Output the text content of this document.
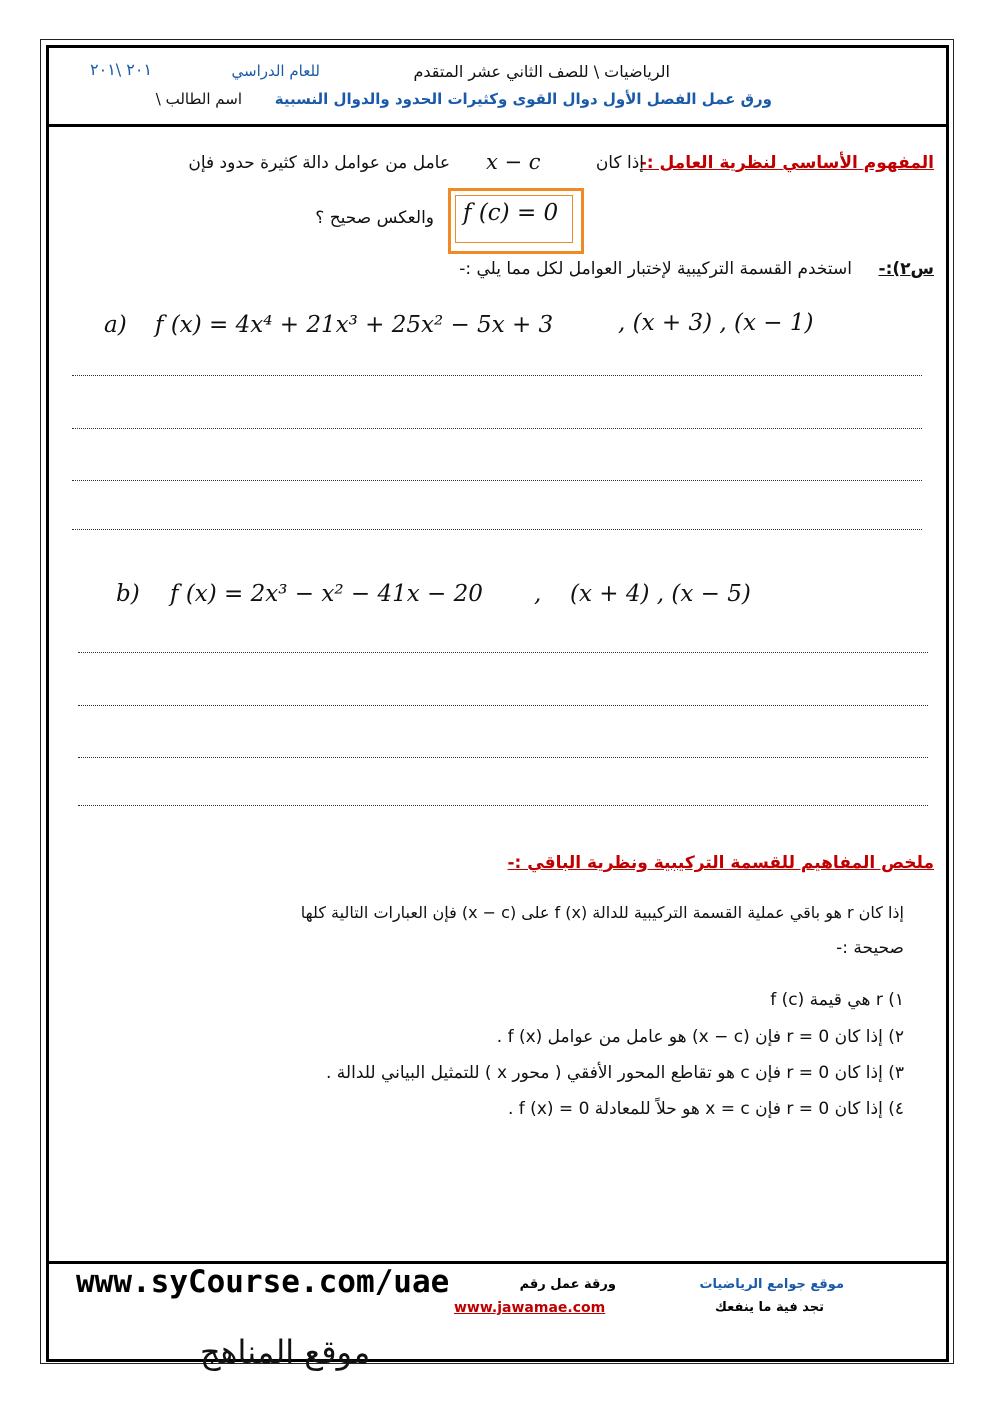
الرياضيات \ للصف الثاني عشر المتقدم
للعام الدراسي
٢٠١ \٢٠١
ورق عمل الفصل الأول دوال القوى وكثيرات الحدود والدوال النسبية
اسم الطالب \
المفهوم الأساسي لنظرية العامل :-
إذا كان
x − c
عامل من عوامل دالة كثيرة حدود فإن
f (c) = 0
والعكس صحيح ؟
س٢):-
استخدم القسمة التركيبية لإختبار العوامل لكل مما يلي :-
a) f (x) = 4x⁴ + 21x³ + 25x² − 5x + 3	, (x + 3) , (x − 1)
b) f (x) = 2x³ − x² − 41x − 20 , (x + 4) , (x − 5)
ملخص المفاهيم للقسمة التركيبية ونظرية الباقي :-
إذا كان r هو باقي عملية القسمة التركيبية للدالة f (x) على (x − c) فإن العبارات التالية كلها
صحيحة :-
١) r هي قيمة f (c)
٢) إذا كان r = 0 فإن (x − c) هو عامل من عوامل f (x) .
٣) إذا كان r = 0 فإن c هو تقاطع المحور الأفقي ( محور x ) للتمثيل البياني للدالة .
٤) إذا كان r = 0 فإن x = c هو حلاً للمعادلة f (x) = 0 .
www.syCourse.com/uae	ورقة عمل رقم	موقع جوامع الرياضيات
www.jawamae.com	تجد فية ما ينفعك
موقع المناهج
